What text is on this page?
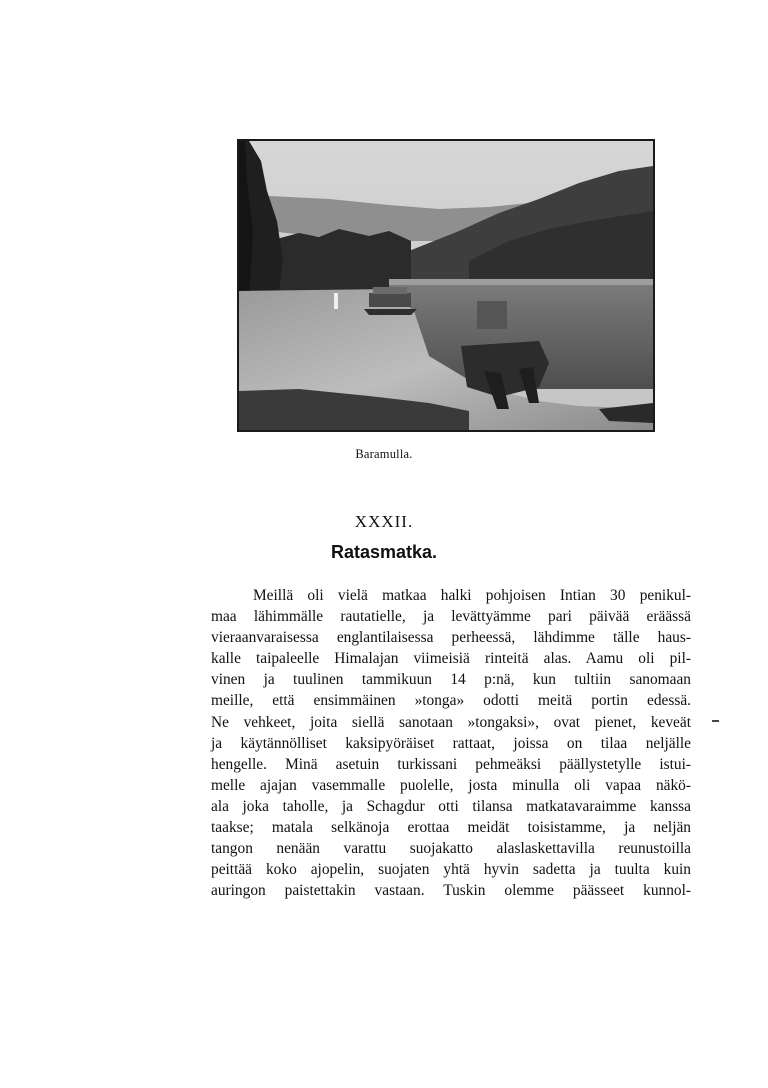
Baramulla.
XXXII.
Ratasmatka.
Meillä oli vielä matkaa halki pohjoisen Intian 30 penikul-
maa lähimmälle rautatielle, ja levättyämme pari päivää eräässä
vieraanvaraisessa englantilaisessa perheessä, lähdimme tälle haus-
kalle taipaleelle Himalajan viimeisiä rinteitä alas. Aamu oli pil-
vinen ja tuulinen tammikuun 14 p:nä, kun tultiin sanomaan
meille, että ensimmäinen »tonga» odotti meitä portin edessä.
Ne vehkeet, joita siellä sanotaan »tongaksi», ovat pienet, keveät
ja käytännölliset kaksipyöräiset rattaat, joissa on tilaa neljälle
hengelle. Minä asetuin turkissani pehmeäksi päällystetylle istui-
melle ajajan vasemmalle puolelle, josta minulla oli vapaa näkö-
ala joka taholle, ja Schagdur otti tilansa matkatavaraimme kanssa
taakse; matala selkänoja erottaa meidät toisistamme, ja neljän
tangon nenään varattu suojakatto alaslaskettavilla reunustoilla
peittää koko ajopelin, suojaten yhtä hyvin sadetta ja tuulta kuin
auringon paistettakin vastaan. Tuskin olemme päässeet kunnol-
